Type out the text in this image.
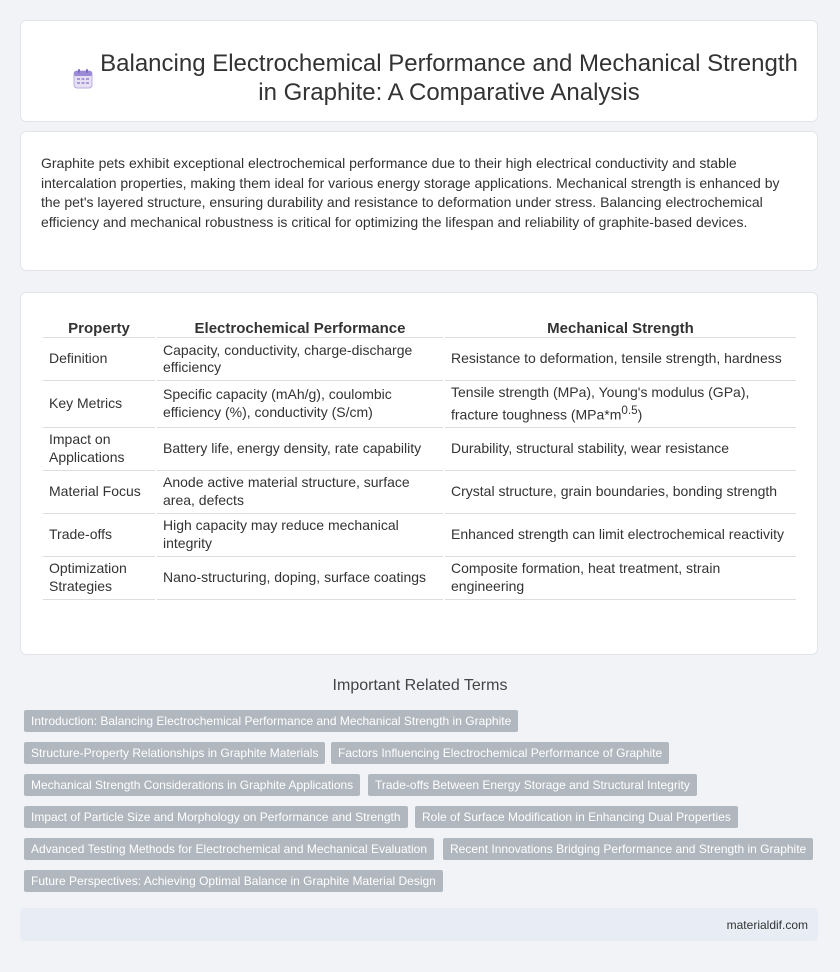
Balancing Electrochemical Performance and Mechanical Strength
in Graphite: A Comparative Analysis

Graphite pets exhibit exceptional electrochemical performance due to their high electrical conductivity and stable intercalation properties, making them ideal for various energy storage applications. Mechanical strength is enhanced by the pet's layered structure, ensuring durability and resistance to deformation under stress. Balancing electrochemical efficiency and mechanical robustness is critical for optimizing the lifespan and reliability of graphite-based devices.

Property	Electrochemical Performance	Mechanical Strength
Definition	Capacity, conductivity, charge-discharge efficiency	Resistance to deformation, tensile strength, hardness
Key Metrics	Specific capacity (mAh/g), coulombic efficiency (%), conductivity (S/cm)	Tensile strength (MPa), Young's modulus (GPa), fracture toughness $(MPa*m^{0.5})$
Impact on Applications	Battery life, energy density, rate capability	Durability, structural stability, wear resistance
Material Focus	Anode active material structure, surface area, defects	Crystal structure, grain boundaries, bonding strength
Trade-offs	High capacity may reduce mechanical integrity	Enhanced strength can limit electrochemical reactivity
Optimization Strategies	Nano-structuring, doping, surface coatings	Composite formation, heat treatment, strain engineering
Important Related Terms
Introduction: Balancing Electrochemical Performance and Mechanical Strength in Graphite
Structure-Property Relationships in Graphite Materials	Factors Influencing Electrochemical Performance of Graphite
Mechanical Strength Considerations in Graphite Applications	Trade-offs Between Energy Storage and Structural Integrity
Impact of Particle Size and Morphology on Performance and Strength	Role of Surface Modification in Enhancing Dual Properties
Advanced Testing Methods for Electrochemical and Mechanical Evaluation	Recent Innovations Bridging Performance and Strength in Graphite
Future Perspectives: Achieving Optimal Balance in Graphite Material Design
materialdif.com
